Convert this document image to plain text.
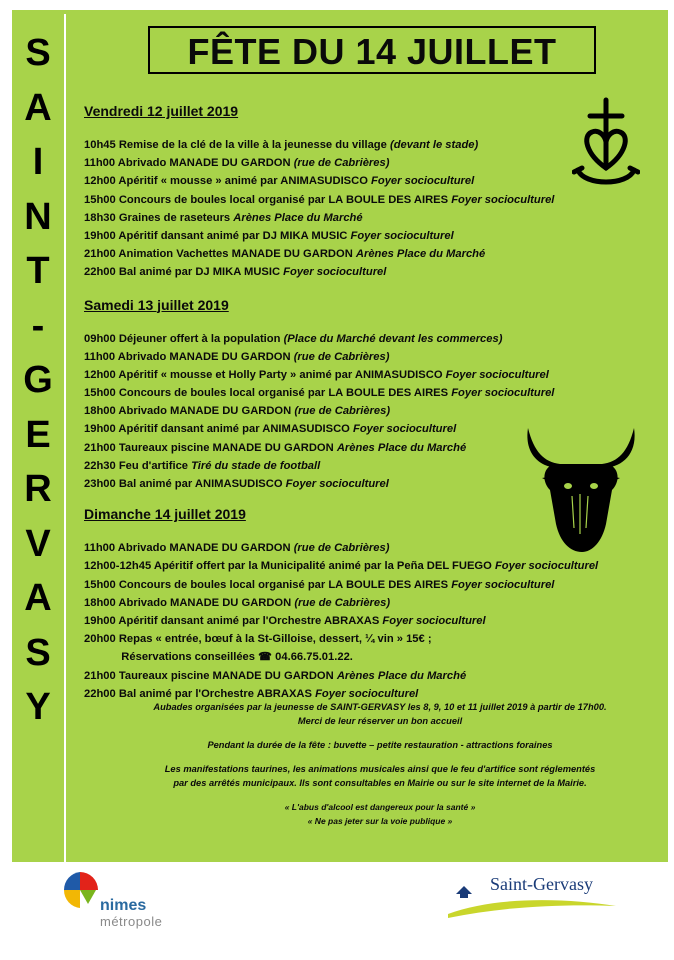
S
A
I
N
T
-
G
E
R
V
A
S
Y
FÊTE DU 14 JUILLET
Vendredi 12 juillet 2019
10h45 Remise de la clé de la ville à la jeunesse du village (devant le stade)
11h00 Abrivado MANADE DU GARDON (rue de Cabrières)
12h00 Apéritif « mousse » animé par ANIMASUDISCO Foyer socioculturel
15h00 Concours de boules local organisé par LA BOULE DES AIRES Foyer socioculturel
18h30 Graines de raseteurs Arènes Place du Marché
19h00 Apéritif dansant animé par DJ MIKA MUSIC Foyer socioculturel
21h00 Animation Vachettes MANADE DU GARDON Arènes Place du Marché
22h00 Bal animé par DJ MIKA MUSIC Foyer socioculturel
Samedi 13 juillet 2019
09h00 Déjeuner offert à la population (Place du Marché devant les commerces)
11h00 Abrivado MANADE DU GARDON (rue de Cabrières)
12h00 Apéritif « mousse et Holly Party » animé par ANIMASUDISCO Foyer socioculturel
15h00 Concours de boules local organisé par LA BOULE DES AIRES Foyer socioculturel
18h00 Abrivado MANADE DU GARDON (rue de Cabrières)
19h00 Apéritif dansant animé par ANIMASUDISCO Foyer socioculturel
21h00 Taureaux piscine MANADE DU GARDON Arènes Place du Marché
22h30 Feu d'artifice Tiré du stade de football
23h00 Bal animé par ANIMASUDISCO Foyer socioculturel
Dimanche 14 juillet 2019
11h00 Abrivado MANADE DU GARDON (rue de Cabrières)
12h00-12h45 Apéritif offert par la Municipalité animé par la Peña DEL FUEGO Foyer socioculturel
15h00 Concours de boules local organisé par LA BOULE DES AIRES Foyer socioculturel
18h00 Abrivado MANADE DU GARDON (rue de Cabrières)
19h00 Apéritif dansant animé par l'Orchestre ABRAXAS Foyer socioculturel
20h00 Repas « entrée, bœuf à la St-Gilloise, dessert, ¼ vin » 15€ ;
Réservations conseillées ☎ 04.66.75.01.22.
21h00 Taureaux piscine MANADE DU GARDON Arènes Place du Marché
22h00 Bal animé par l'Orchestre ABRAXAS Foyer socioculturel

Aubades organisées par la jeunesse de SAINT-GERVASY les 8, 9, 10 et 11 juillet 2019 à partir de 17h00.

Merci de leur réserver un bon accueil

Pendant la durée de la fête : buvette – petite restauration - attractions foraines

Les manifestations taurines, les animations musicales ainsi que le feu d'artifice sont réglementés

par des arrêtés municipaux. Ils sont consultables en Mairie ou sur le site internet de la Mairie.

« L'abus d'alcool est dangereux pour la santé »

« Ne pas jeter sur la voie publique »

nimes
métropole
Saint-Gervasy
